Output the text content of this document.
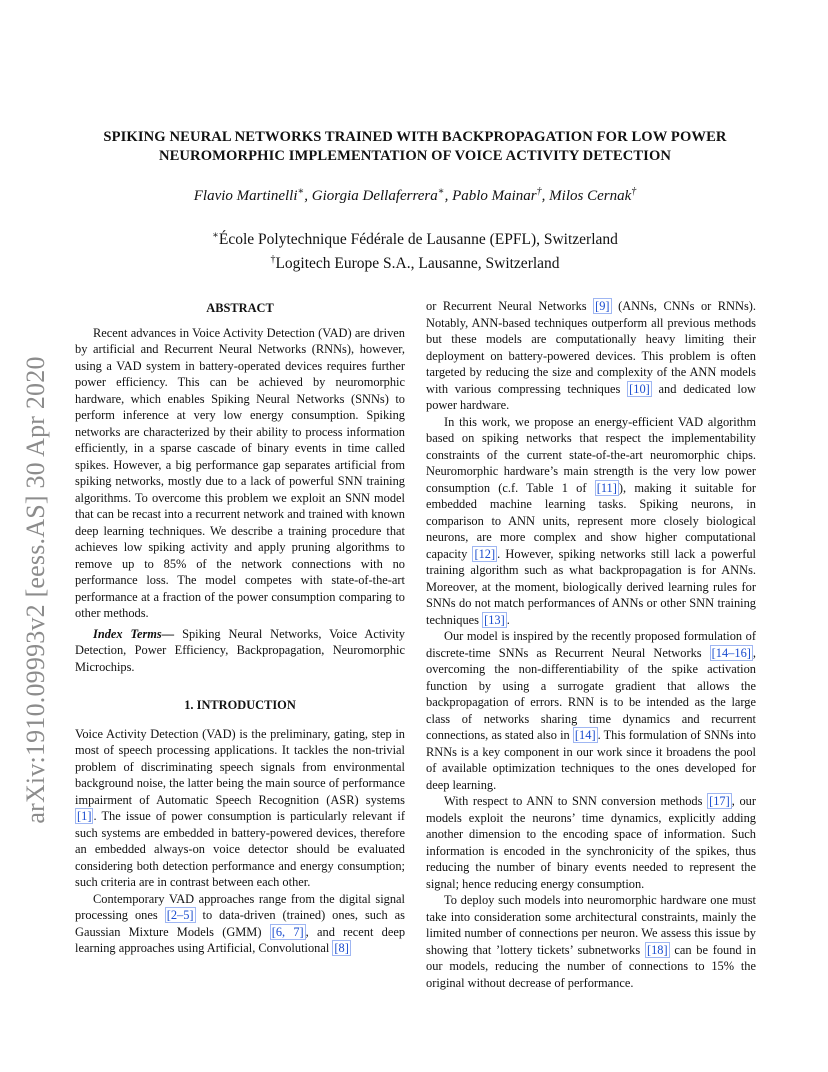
arXiv:1910.09993v2 [eess.AS] 30 Apr 2020
SPIKING NEURAL NETWORKS TRAINED WITH BACKPROPAGATION FOR LOW POWER
NEUROMORPHIC IMPLEMENTATION OF VOICE ACTIVITY DETECTION
Flavio Martinelli∗, Giorgia Dellaferrera∗, Pablo Mainar†, Milos Cernak†
∗École Polytechnique Fédérale de Lausanne (EPFL), Switzerland
†Logitech Europe S.A., Lausanne, Switzerland
ABSTRACT

Recent advances in Voice Activity Detection (VAD) are driven by artificial and Recurrent Neural Networks (RNNs), however, using a VAD system in battery-operated devices requires further power efficiency. This can be achieved by neuromorphic hardware, which enables Spiking Neural Networks (SNNs) to perform inference at very low energy consumption. Spiking networks are characterized by their ability to process information efficiently, in a sparse cascade of binary events in time called spikes. However, a big performance gap separates artificial from spiking networks, mostly due to a lack of powerful SNN training algorithms. To overcome this problem we exploit an SNN model that can be recast into a recurrent network and trained with known deep learning techniques. We describe a training procedure that achieves low spiking activity and apply pruning algorithms to remove up to 85% of the network connections with no performance loss. The model competes with state-of-the-art performance at a fraction of the power consumption comparing to other methods.

Index Terms— Spiking Neural Networks, Voice Activity Detection, Power Efficiency, Backpropagation, Neuromorphic Microchips.

1. INTRODUCTION

Voice Activity Detection (VAD) is the preliminary, gating, step in most of speech processing applications. It tackles the non-trivial problem of discriminating speech signals from environmental background noise, the latter being the main source of performance impairment of Automatic Speech Recognition (ASR) systems [1] . The issue of power consumption is particularly relevant if such systems are embedded in battery-powered devices, therefore an embedded always-on voice detector should be evaluated considering both detection performance and energy consumption; such criteria are in contrast between each other.

Contemporary VAD approaches range from the digital signal processing ones [2–5] to data-driven (trained) ones, such as Gaussian Mixture Models (GMM) [6, 7] , and recent deep learning approaches using Artificial, Convolutional [8]

or Recurrent Neural Networks [9] (ANNs, CNNs or RNNs). Notably, ANN-based techniques outperform all previous methods but these models are computationally heavy limiting their deployment on battery-powered devices. This problem is often targeted by reducing the size and complexity of the ANN models with various compressing techniques [10] and dedicated low power hardware.

In this work, we propose an energy-efficient VAD algorithm based on spiking networks that respect the implementability constraints of the current state-of-the-art neuromorphic chips. Neuromorphic hardware’s main strength is the very low power consumption (c.f. Table 1 of [11] ), making it suitable for embedded machine learning tasks. Spiking neurons, in comparison to ANN units, represent more closely biological neurons, are more complex and show higher computational capacity [12] . However, spiking networks still lack a powerful training algorithm such as what backpropagation is for ANNs. Moreover, at the moment, biologically derived learning rules for SNNs do not match performances of ANNs or other SNN training techniques [13] .

Our model is inspired by the recently proposed formulation of discrete-time SNNs as Recurrent Neural Networks [14–16] , overcoming the non-differentiability of the spike activation function by using a surrogate gradient that allows the backpropagation of errors. RNN is to be intended as the large class of networks sharing time dynamics and recurrent connections, as stated also in [14] . This formulation of SNNs into RNNs is a key component in our work since it broadens the pool of available optimization techniques to the ones developed for deep learning.

With respect to ANN to SNN conversion methods [17] , our models exploit the neurons’ time dynamics, explicitly adding another dimension to the encoding space of information. Such information is encoded in the synchronicity of the spikes, thus reducing the number of binary events needed to represent the signal; hence reducing energy consumption.

To deploy such models into neuromorphic hardware one must take into consideration some architectural constraints, mainly the limited number of connections per neuron. We assess this issue by showing that ’lottery tickets’ subnetworks [18] can be found in our models, reducing the number of connections to 15% the original without decrease of performance.
